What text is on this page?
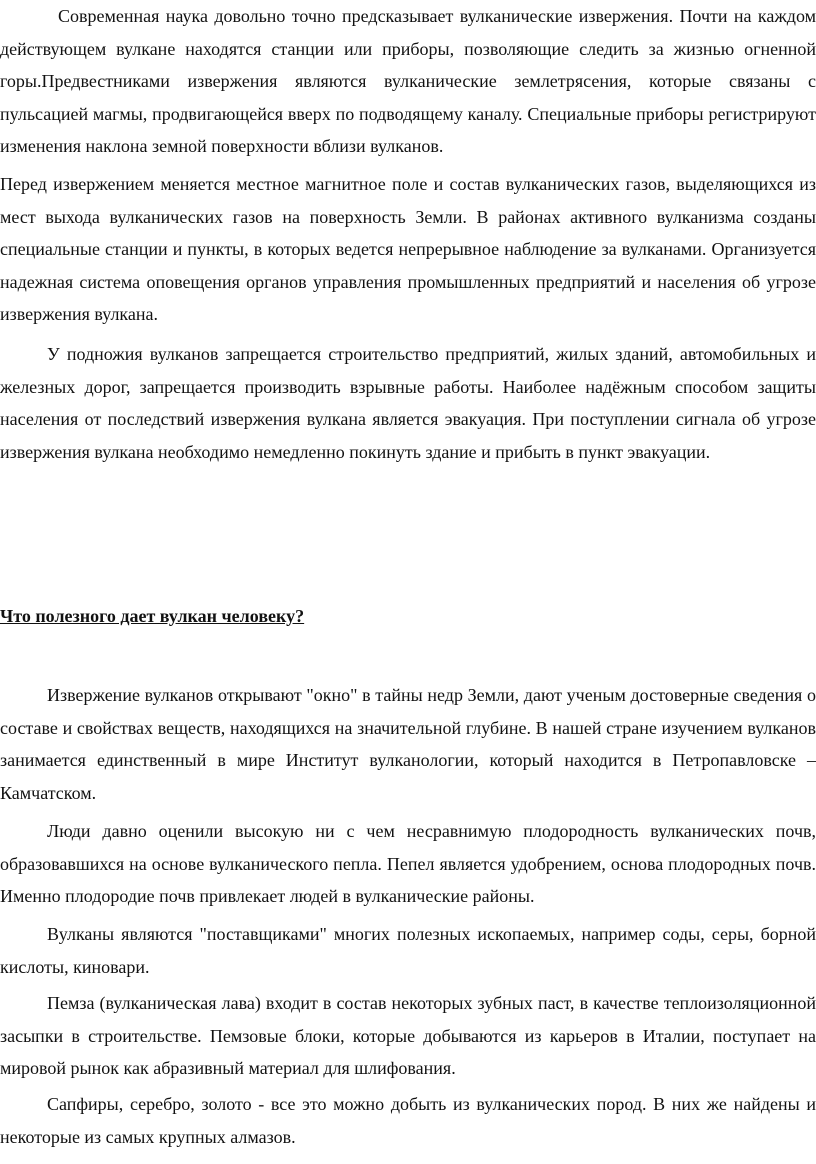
Современная наука довольно точно предсказывает вулканические извержения. Почти на каждом действующем вулкане находятся станции или приборы, позволяющие следить за жизнью огненной горы.Предвестниками извержения являются вулканические землетрясения, которые связаны с пульсацией магмы, продвигающейся вверх по подводящему каналу. Специальные приборы регистрируют изменения наклона земной поверхности вблизи вулканов.

Перед извержением меняется местное магнитное поле и состав вулканических газов, выделяющихся из мест выхода вулканических газов на поверхность Земли. В районах активного вулканизма созданы специальные станции и пункты, в которых ведется непрерывное наблюдение за вулканами. Организуется надежная система оповещения органов управления промышленных предприятий и населения об угрозе извержения вулкана.

У подножия вулканов запрещается строительство предприятий, жилых зданий, автомобильных и железных дорог, запрещается производить взрывные работы. Наиболее надёжным способом защиты населения от последствий извержения вулкана является эвакуация. При поступлении сигнала об угрозе извержения вулкана необходимо немедленно покинуть здание и прибыть в пункт эвакуации.

Что полезного дает вулкан человеку?

Извержение вулканов открывают "окно" в тайны недр Земли, дают ученым достоверные сведения о составе и свойствах веществ, находящихся на значительной глубине. В нашей стране изучением вулканов занимается единственный в мире Институт вулканологии, который находится в Петропавловске – Камчатском.

Люди давно оценили высокую ни с чем несравнимую плодородность вулканических почв, образовавшихся на основе вулканического пепла. Пепел является удобрением, основа плодородных почв. Именно плодородие почв привлекает людей в вулканические районы.

Вулканы являются "поставщиками" многих полезных ископаемых, например соды, серы, борной кислоты, киновари.

Пемза (вулканическая лава) входит в состав некоторых зубных паст, в качестве теплоизоляционной засыпки в строительстве. Пемзовые блоки, которые добываются из карьеров в Италии, поступает на мировой рынок как абразивный материал для шлифования.

Сапфиры, серебро, золото - все это можно добыть из вулканических пород. В них же найдены и некоторые из самых крупных алмазов.
